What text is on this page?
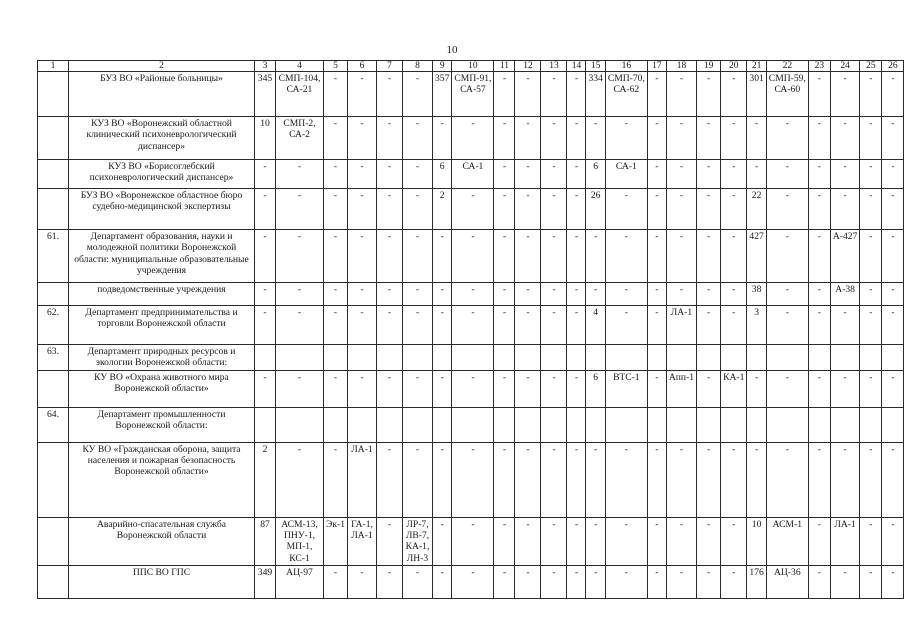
10
1	2	3	4	5	6	7	8	9	10	11	12	13	14	15	16	17	18	19	20	21	22	23	24	25	26
	БУЗ ВО «Районые больницы»	345	СМП-104, СА-21	-	-	-	-	357	СМП-91, СА-57	-	-	-	-	334	СМП-70, СА-62	-	-	-	-	301	СМП-59, СА-60	-	-	-	-
	КУЗ ВО «Воронежский областной клинический психоневрологический диспансер»	10	СМП-2, СА-2	-	-	-	-	-	-	-	-	-	-	-	-	-	-	-	-	-	-	-	-	-	-
	КУЗ ВО «Борисоглебский психоневрологический диспансер»	-	-	-	-	-	-	6	СА-1	-	-	-	-	6	СА-1	-	-	-	-	-	-	-	-	-	-
	БУЗ ВО «Воронежское областное бюро судебно-медицинской экспертизы	-	-	-	-	-	-	2	-	-	-	-	-	26	-	-	-	-	-	22	-	-	-	-	-
61.	Департамент образования, науки и молодежной политики Воронежской области: муниципальные образовательные учреждения	-	-	-	-	-	-	-	-	-	-	-	-	-	-	-	-	-	-	427	-	-	А-427	-	-
	подведомственные учреждения	-	-	-	-	-	-	-	-	-	-	-	-	-	-	-	-	-	-	38	-	-	А-38	-	-
62.	Департамент предпринимательства и торговли Воронежской области	-	-	-	-	-	-	-	-	-	-	-	-	4	-	-	ЛА-1	-	-	3	-	-	-	-	-
63.	Департамент природных ресурсов и экологии Воронежской области:																								
	КУ ВО «Охрана животного мира Воронежской области»	-	-	-	-	-	-	-	-	-	-	-	-	6	ВТС-1	-	Апп-1	-	КА-1	-	-	-	-	-	-
64.	Департамент промышленности Воронежской области:																								
	КУ ВО «Гражданская оборона, защита населения и пожарная безопасность Воронежской области»	2	-	-	ЛА-1	-	-	-	-	-	-	-	-	-	-	-	-	-	-	-	-	-	-	-	-
	Аварийно-спасательная служба Воронежской области	87	АСМ-13, ПНУ-1, МП-1, КС-1	Эк-1	ГА-1, ЛА-1	-	ЛР-7, ЛВ-7, КА-1, ЛН-3	-	-	-	-	-	-	-	-	-	-	-	-	10	АСМ-1	-	ЛА-1	-	-
	ППС ВО ГПС	349	АЦ-97	-	-	-	-	-	-	-	-	-	-	-	-	-	-	-	-	176	АЦ-36	-	-	-	-
